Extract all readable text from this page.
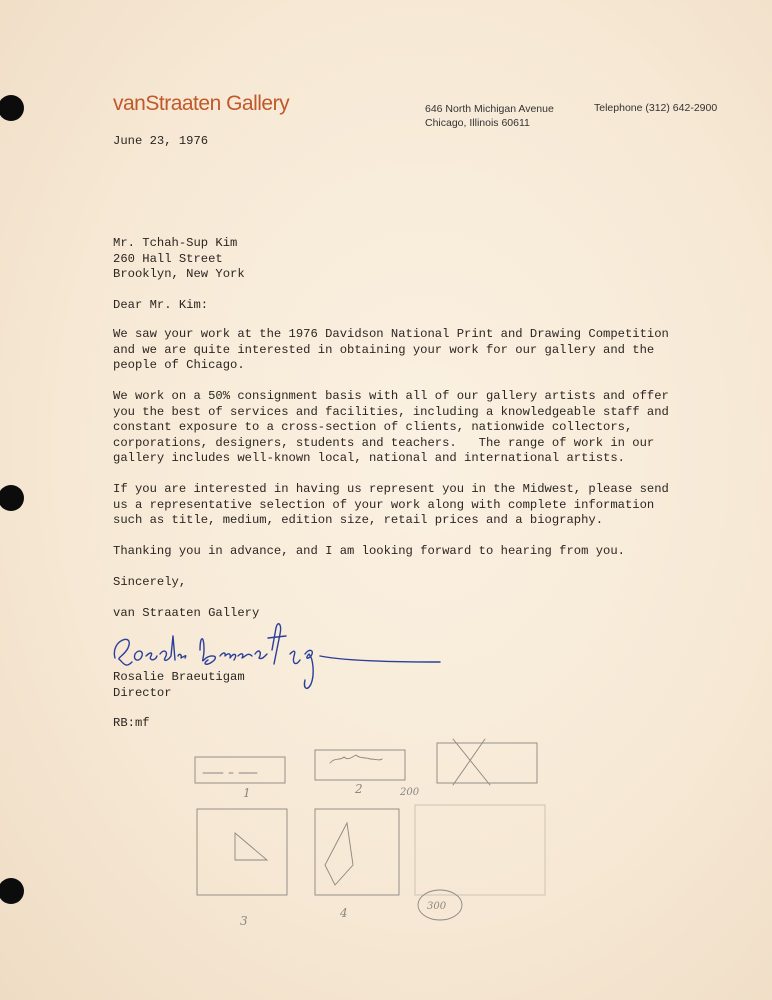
vanStraaten Gallery	646 North Michigan Avenue
Chicago, Illinois 60611
Telephone (312) 642-2900
June 23, 1976
Mr. Tchah-Sup Kim
260 Hall Street
Brooklyn, New York
Dear Mr. Kim:
We saw your work at the 1976 Davidson National Print and Drawing Competition
and we are quite interested in obtaining your work for our gallery and the
people of Chicago.
We work on a 50% consignment basis with all of our gallery artists and offer
you the best of services and facilities, including a knowledgeable staff and
constant exposure to a cross-section of clients, nationwide collectors,
corporations, designers, students and teachers.   The range of work in our
gallery includes well-known local, national and international artists.
If you are interested in having us represent you in the Midwest, please send
us a representative selection of your work along with complete information
such as title, medium, edition size, retail prices and a biography.
Thanking you in advance, and I am looking forward to hearing from you.
Sincerely,
van Straaten Gallery
Rosalie Braeutigam
Director
RB:mf
1	2	200
3
4	300
